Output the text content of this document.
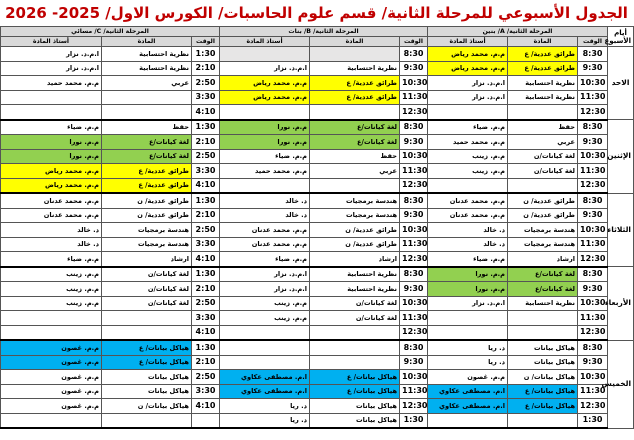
الجدول الأسبوعي للمرحلة الثانية/ قسم علوم الحاسبات/ الكورس الاول/ 2025- 2026
المرحلة الثانية/ C/ مسائي			المرحلة الثانية/ B/ بنات			المرحلة الثانية/ A/ بنين			أيام الأسبوع
أستاذ المادة	المادة	الوقت	أستاذ المادة	المادة	الوقت	أستاذ المادة	المادة	الوقت	
ا.م.د. نزار	نظرية احتسابية	1:30			8:30	م.م. محمد رياض	طرائق عددية/ ع	8:30	الاحد
ا.م.د. نزار	نظرية احتسابية	2:10	ا.م.د. نزار	نظرية احتسابية	9:30	م.م. محمد رياض	طرائق عددية/ ع	9:30	
م.م. محمد حميد	عربي	2:50	م.م. محمد رياض	طرائق عددية/ ع	10:30	ا.م.د. نزار	نظرية احتسابية	10:30	
		3:30	م.م. محمد رياض	طرائق عددية/ ع	11:30	ا.م.د. نزار	نظرية احتسابية	11:30	
		4:10			12:30			12:30	
م.م. ضياء	حفظ	1:30	م.م. نورا	لغة كيانات/ع	8:30	م.م. ضياء	حفظ	8:30	الإثنين
م.م. نورا	لغة كيانات/ع	2:10	م.م. نورا	لغة كيانات/ع	9:30	م.م. محمد حميد	عربي	9:30	
م.م. نورا	لغة كيانات/ع	2:50	م.م. ضياء	حفظ	10:30	م.م. زينب	لغة كيانات/ن	10:30	
م.م. محمد رياض	طرائق عددية/ ع	3:30	م.م. محمد حميد	عربي	11:30	م.م. زينب	لغة كيانات/ن	11:30	
م.م. محمد رياض	طرائق عددية/ ع	4:10			12:30			12:30	
م.م. محمد عدنان	طرائق عددية/ ن	1:30	د. خالد	هندسة برمجيات	8:30	م.م. محمد عدنان	طرائق عددية/ ن	8:30	الثلاثاء
م.م. محمد عدنان	طرائق عددية/ ن	2:10	د. خالد	هندسة برمجيات	9:30	م.م. محمد عدنان	طرائق عددية/ ن	9:30	
د. خالد	هندسة برمجيات	2:50	م.م. محمد عدنان	طرائق عددية/ ن	10:30	د. خالد	هندسة برمجيات	10:30	
د. خالد	هندسة برمجيات	3:30	م.م. محمد عدنان	طرائق عددية/ ن	11:30	د. خالد	هندسة برمجيات	11:30	
م.م. ضياء	ارشاد	4:10	م.م. ضياء	ارشاد	12:30	م.م. ضياء	ارشاد	12:30	
م.م. زينب	لغة كيانات/ن	1:30	ا.م.د. نزار	نظرية احتسابية	8:30	م.م. نورا	لغة كيانات/ع	8:30	الأربعاء
م.م. زينب	لغة كيانات/ن	2:10	ا.م.د. نزار	نظرية احتسابية	9:30	م.م. نورا	لغة كيانات/ع	9:30	
م.م. زينب	لغة كيانات/ن	2:50	م.م. زينب	لغة كيانات/ن	10:30	ا.م.د. نزار	نظرية احتسابية	10:30	
		3:30	م.م. زينب	لغة كيانات/ن	11:30			11:30	
		4:10			12:30			12:30	
م.م. غصون	هياكل بيانات/ ع	1:30			8:30	د. ريا	هياكل بيانات	8:30	الخميس
م.م. غصون	هياكل بيانات/ ع	2:10			9:30	د. ريا	هياكل بيانات	9:30	
م.م. غصون	هياكل بيانات	2:50	ا.م. مصطفى عكاوي	هياكل بيانات/ ع	10:30	م.م. غصون	هياكل بيانات/ ن	10:30	
م.م. غصون	هياكل بيانات	3:30	ا.م. مصطفى عكاوي	هياكل بيانات/ ع	11:30	ا.م. مصطفى عكاوي	هياكل بيانات/ ع	11:30	
م.م. غصون	هياكل بيانات/ ن	4:10	د. ريا	هياكل بيانات	12:30	ا.م. مصطفى عكاوي	هياكل بيانات/ ع	12:30	
			د. ريا	هياكل بيانات	1:30			1:30	
